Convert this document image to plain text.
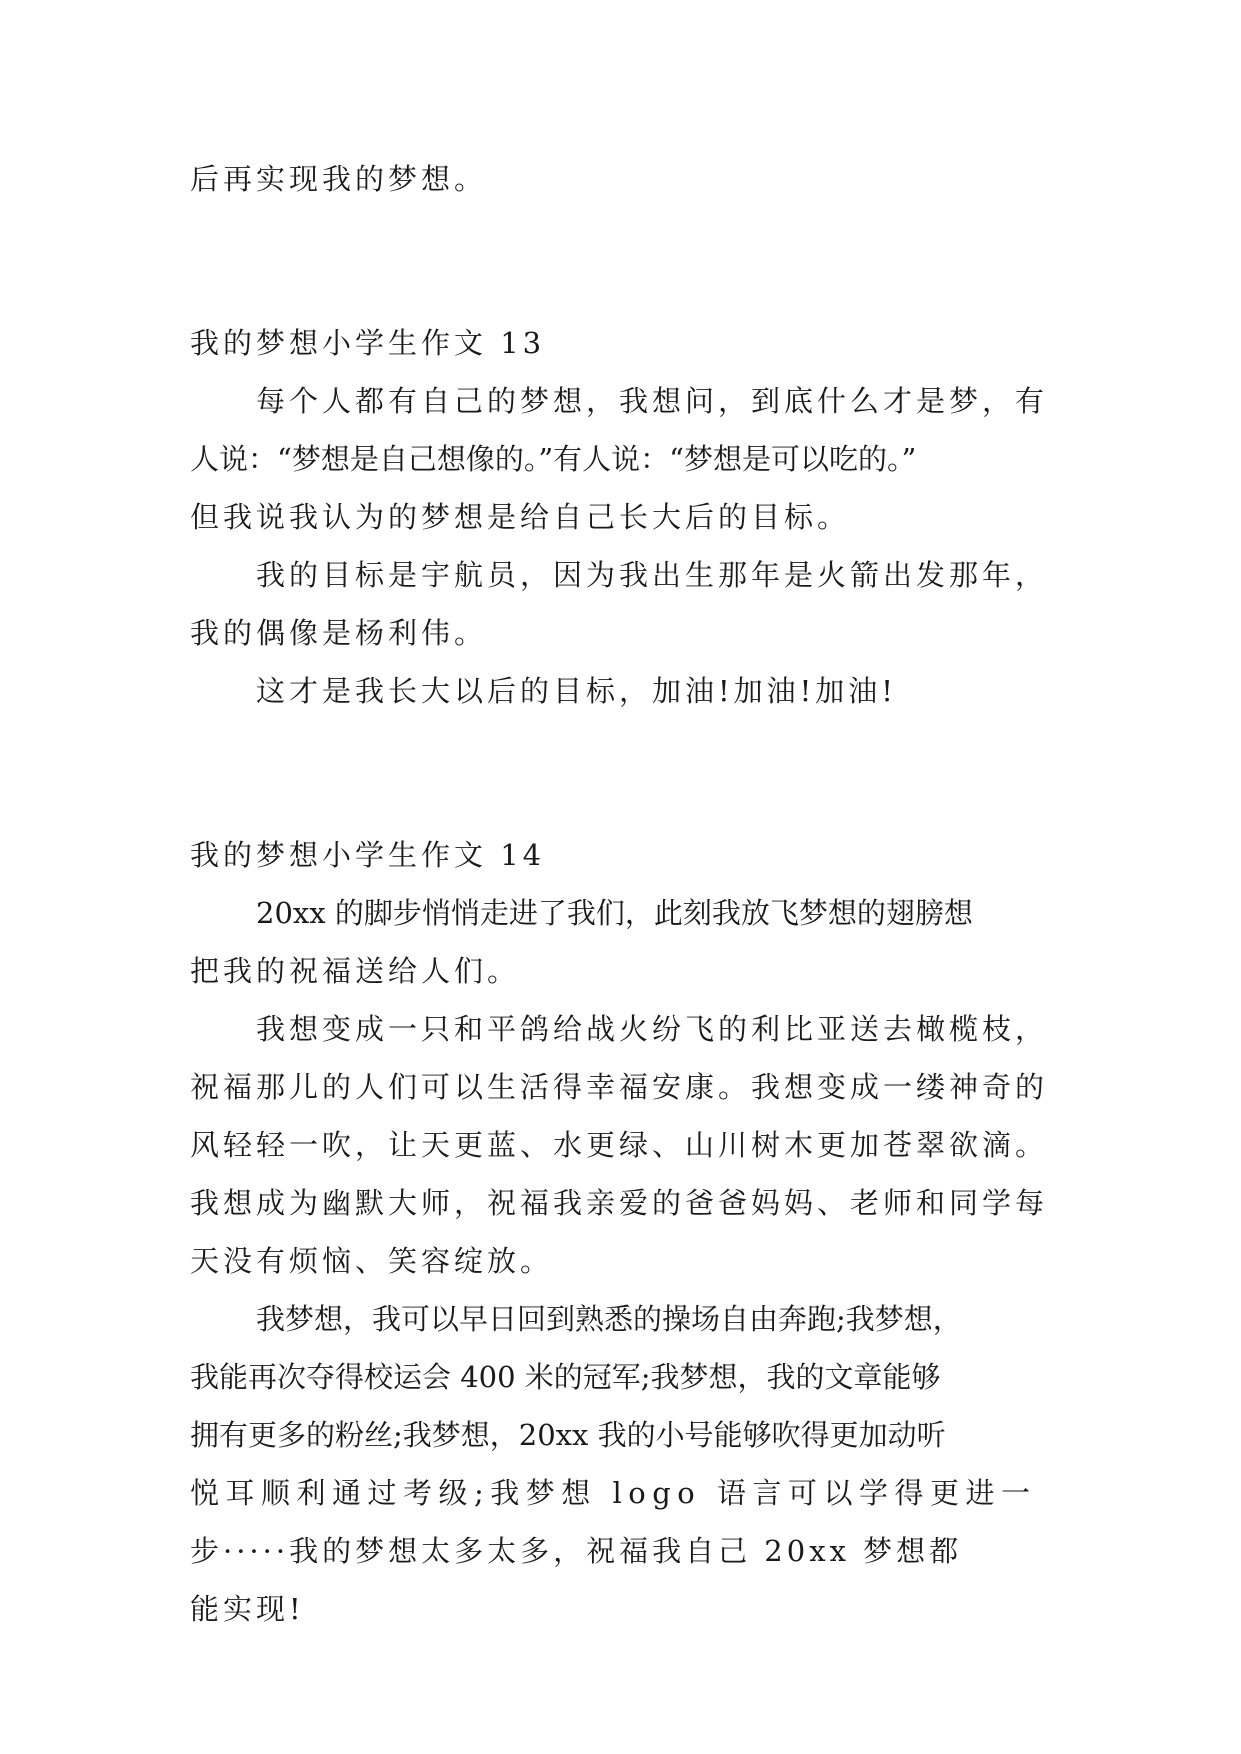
后再实现我的梦想。
我的梦想小学生作文 13
每个人都有自己的梦想，我想问，到底什么才是梦，有
人说：“梦想是自己想像的。”有人说：“梦想是可以吃的。”
但我说我认为的梦想是给自己长大后的目标。
我的目标是宇航员，因为我出生那年是火箭出发那年，
我的偶像是杨利伟。
这才是我长大以后的目标，加油!加油!加油!
我的梦想小学生作文 14
20xx 的脚步悄悄走进了我们，此刻我放飞梦想的翅膀想
把我的祝福送给人们。
我想变成一只和平鸽给战火纷飞的利比亚送去橄榄枝，
祝福那儿的人们可以生活得幸福安康。我想变成一缕神奇的
风轻轻一吹，让天更蓝、水更绿、山川树木更加苍翠欲滴。
我想成为幽默大师，祝福我亲爱的爸爸妈妈、老师和同学每
天没有烦恼、笑容绽放。
我梦想，我可以早日回到熟悉的操场自由奔跑;我梦想，
我能再次夺得校运会 400 米的冠军;我梦想，我的文章能够
拥有更多的粉丝;我梦想，20xx 我的小号能够吹得更加动听
悦耳顺利通过考级;我梦想 logo 语言可以学得更进一
步·····我的梦想太多太多，祝福我自己 20xx 梦想都
能实现!
